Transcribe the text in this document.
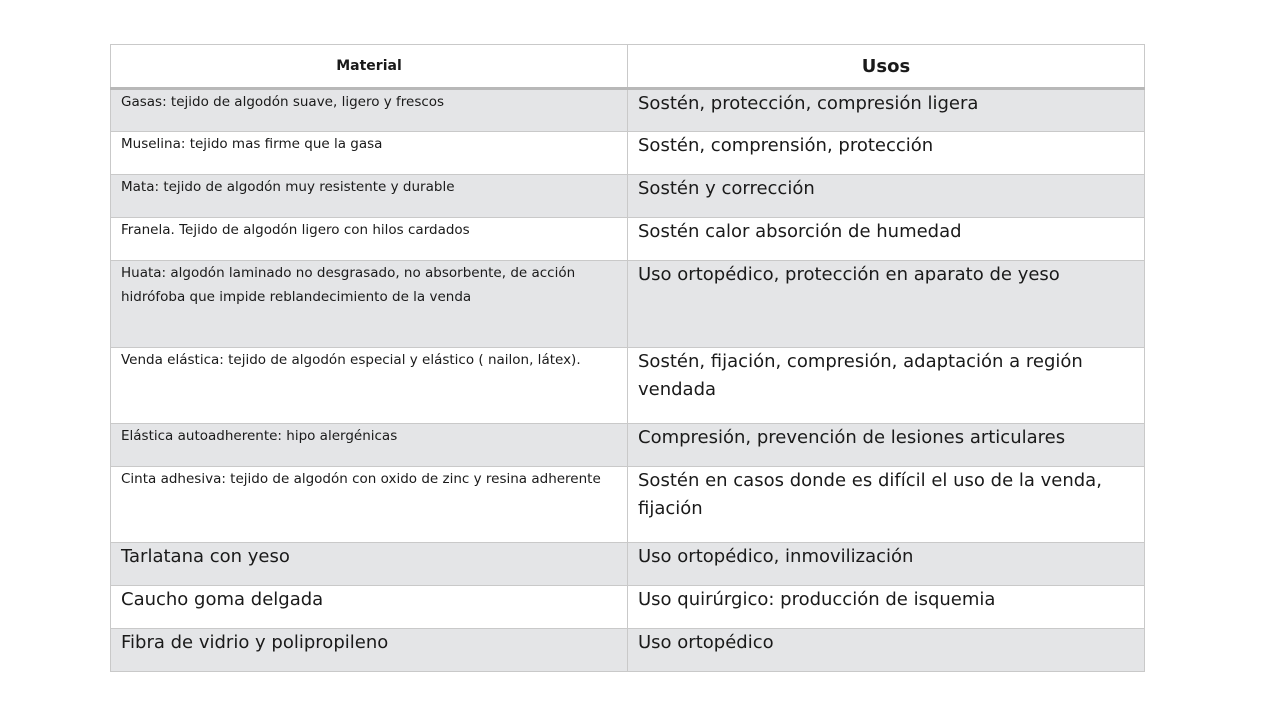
Material	Usos
Gasas: tejido de algodón suave, ligero y frescos	Sostén, protección, compresión ligera
Muselina: tejido mas firme que la gasa	Sostén, comprensión, protección
Mata: tejido de algodón muy resistente y durable	Sostén y corrección
Franela. Tejido de algodón ligero con hilos cardados	Sostén calor absorción de humedad
Huata: algodón laminado no desgrasado, no absorbente, de acción hidrófoba que impide reblandecimiento de la venda	Uso ortopédico, protección en aparato de yeso
Venda elástica: tejido de algodón especial y elástico ( nailon, látex).	Sostén, fijación, compresión, adaptación a región vendada
Elástica autoadherente: hipo alergénicas	Compresión, prevención de lesiones articulares
Cinta adhesiva: tejido de algodón con oxido de zinc y resina adherente	Sostén en casos donde es difícil el uso de la venda, fijación
Tarlatana con yeso	Uso ortopédico, inmovilización
Caucho goma delgada	Uso quirúrgico: producción de isquemia
Fibra de vidrio y polipropileno	Uso ortopédico
